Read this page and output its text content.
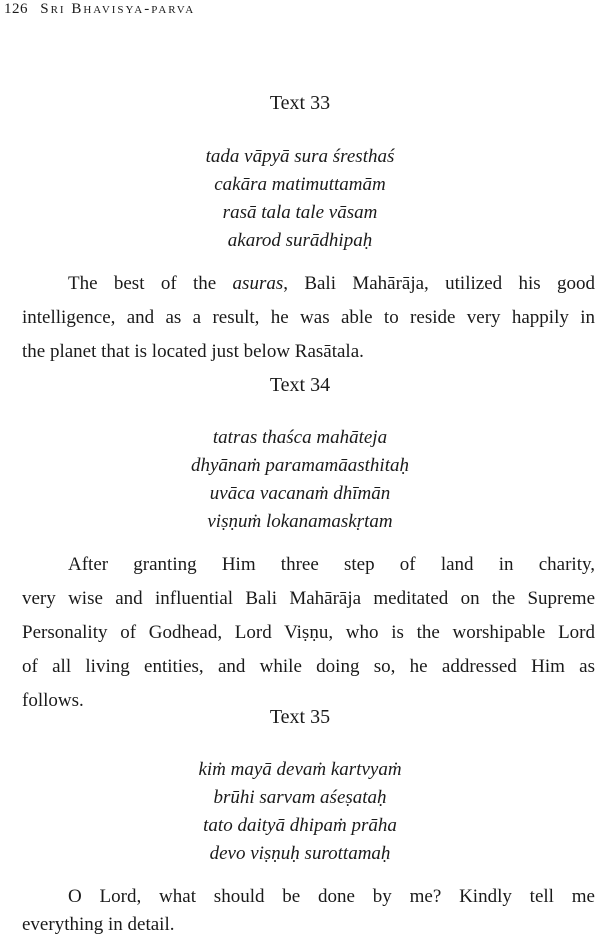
126 Sri Bhavisya-parva
Text 33
tada vāpyā sura śresthaś
cakāra matimuttamām
rasā tala tale vāsam
akarod surādhipaḥ
The best of the asuras, Bali Mahārāja, utilized his good
intelligence, and as a result, he was able to reside very happily in
the planet that is located just below Rasātala.
Text 34
tatras thaśca mahāteja
dhyānaṁ paramamāasthitaḥ
uvāca vacanaṁ dhīmān
viṣṇuṁ lokanamaskṛtam
After granting Him three step of land in charity,
very wise and influential Bali Mahārāja meditated on the Supreme
Personality of Godhead, Lord Viṣṇu, who is the worshipable Lord
of all living entities, and while doing so, he addressed Him as
follows.
Text 35
kiṁ mayā devaṁ kartvyaṁ
brūhi sarvam aśeṣataḥ
tato daityā dhipaṁ prāha
devo viṣṇuḥ surottamaḥ
O Lord, what should be done by me? Kindly tell me
everything in detail.
